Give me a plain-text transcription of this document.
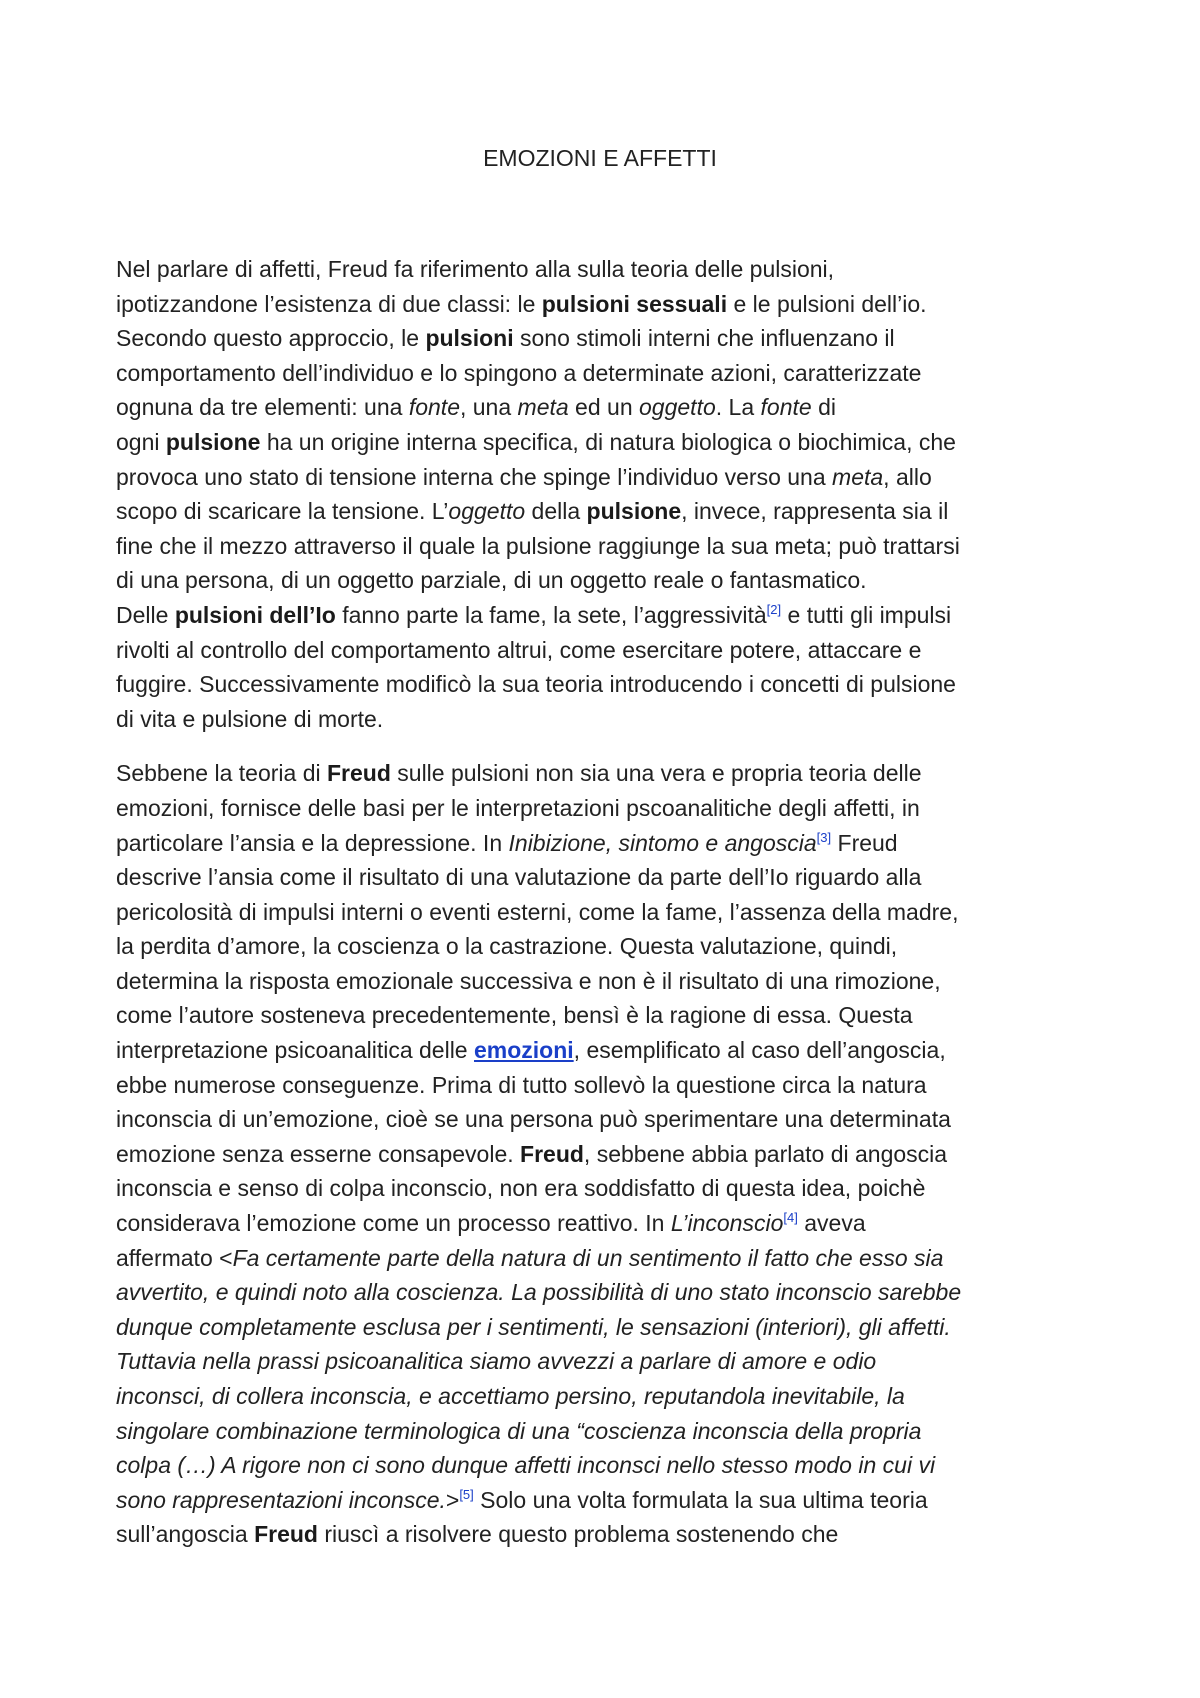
EMOZIONI E AFFETTI
Nel parlare di affetti, Freud fa riferimento alla sulla teoria delle pulsioni,
ipotizzandone l’esistenza di due classi: le pulsioni sessuali e le pulsioni dell’io.
Secondo questo approccio, le pulsioni sono stimoli interni che influenzano il
comportamento dell’individuo e lo spingono a determinate azioni, caratterizzate
ognuna da tre elementi: una fonte, una meta ed un oggetto. La fonte di
ogni pulsione ha un origine interna specifica, di natura biologica o biochimica, che
provoca uno stato di tensione interna che spinge l’individuo verso una meta, allo
scopo di scaricare la tensione. L’oggetto della pulsione, invece, rappresenta sia il
fine che il mezzo attraverso il quale la pulsione raggiunge la sua meta; può trattarsi
di una persona, di un oggetto parziale, di un oggetto reale o fantasmatico.
Delle pulsioni dell’Io fanno parte la fame, la sete, l’aggressività[2] e tutti gli impulsi
rivolti al controllo del comportamento altrui, come esercitare potere, attaccare e
fuggire. Successivamente modificò la sua teoria introducendo i concetti di pulsione
di vita e pulsione di morte.
Sebbene la teoria di Freud sulle pulsioni non sia una vera e propria teoria delle
emozioni, fornisce delle basi per le interpretazioni pscoanalitiche degli affetti, in
particolare l’ansia e la depressione. In Inibizione, sintomo e angoscia[3] Freud
descrive l’ansia come il risultato di una valutazione da parte dell’Io riguardo alla
pericolosità di impulsi interni o eventi esterni, come la fame, l’assenza della madre,
la perdita d’amore, la coscienza o la castrazione. Questa valutazione, quindi,
determina la risposta emozionale successiva e non è il risultato di una rimozione,
come l’autore sosteneva precedentemente, bensì è la ragione di essa. Questa
interpretazione psicoanalitica delle emozioni, esemplificato al caso dell’angoscia,
ebbe numerose conseguenze. Prima di tutto sollevò la questione circa la natura
inconscia di un’emozione, cioè se una persona può sperimentare una determinata
emozione senza esserne consapevole. Freud, sebbene abbia parlato di angoscia
inconscia e senso di colpa inconscio, non era soddisfatto di questa idea, poichè
considerava l’emozione come un processo reattivo. In L’inconscio[4] aveva
affermato <Fa certamente parte della natura di un sentimento il fatto che esso sia
avvertito, e quindi noto alla coscienza. La possibilità di uno stato inconscio sarebbe
dunque completamente esclusa per i sentimenti, le sensazioni (interiori), gli affetti.
Tuttavia nella prassi psicoanalitica siamo avvezzi a parlare di amore e odio
inconsci, di collera inconscia, e accettiamo persino, reputandola inevitabile, la
singolare combinazione terminologica di una “coscienza inconscia della propria
colpa (…) A rigore non ci sono dunque affetti inconsci nello stesso modo in cui vi
sono rappresentazioni inconsce.>[5] Solo una volta formulata la sua ultima teoria
sull’angoscia Freud riuscì a risolvere questo problema sostenendo che
